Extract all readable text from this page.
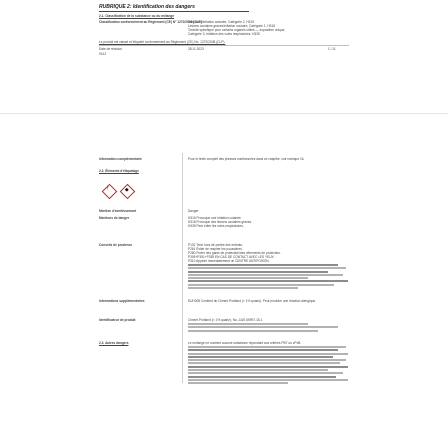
RUBRIQUE 2: Identification des dangers
2.1. Classification de la substance ou du mélange
Classification conformément au Règlement (CE) N° 1272/2008 [CLP]
Corrosion/irritation cutanée, Catégorie 2, H315
Lésions oculaires graves/irritation oculaire, Catégorie 1, H318
Toxicité spécifique pour certains organes cibles — exposition unique,
Catégorie 3, irritation des voies respiratoires, H335
Le produit est classé et étiqueté conformément au Règlement (CE) No. 1272/2008 (CLP).
Date de révision	28.11.2023	1 / 11
0412
Information complémentaire	Pour le texte complet des phrases mentionnées dans ce chapitre, voir rubrique 16.
2.2. Éléments d'étiquetage
!	◆
Mention d'avertissement	Danger
Mentions de danger	H315 Provoque une irritation cutanée.
H318 Provoque des lésions oculaires graves.
H335 Peut irriter les voies respiratoires.
Conseils de prudence	P102 Tenir hors de portée des enfants.
P261 Éviter de respirer les poussières.
P280 Porter des gants de protection/des vêtements de protection.
P305+P351+P338 EN CAS DE CONTACT AVEC LES YEUX:
P310 Appeler immédiatement un CENTRE ANTIPOISON.
Informations supplémentaires	EUH208 Contient du Ciment Portland (< 1% quartz). Peut produire une réaction allergique.
Identificateur de produit	Ciment Portland (< 1% quartz), No.-CAS 65997-15-1
2.3. Autres dangers	Le mélange ne contient aucune substance répondant aux critères PBT ou vPvB.
